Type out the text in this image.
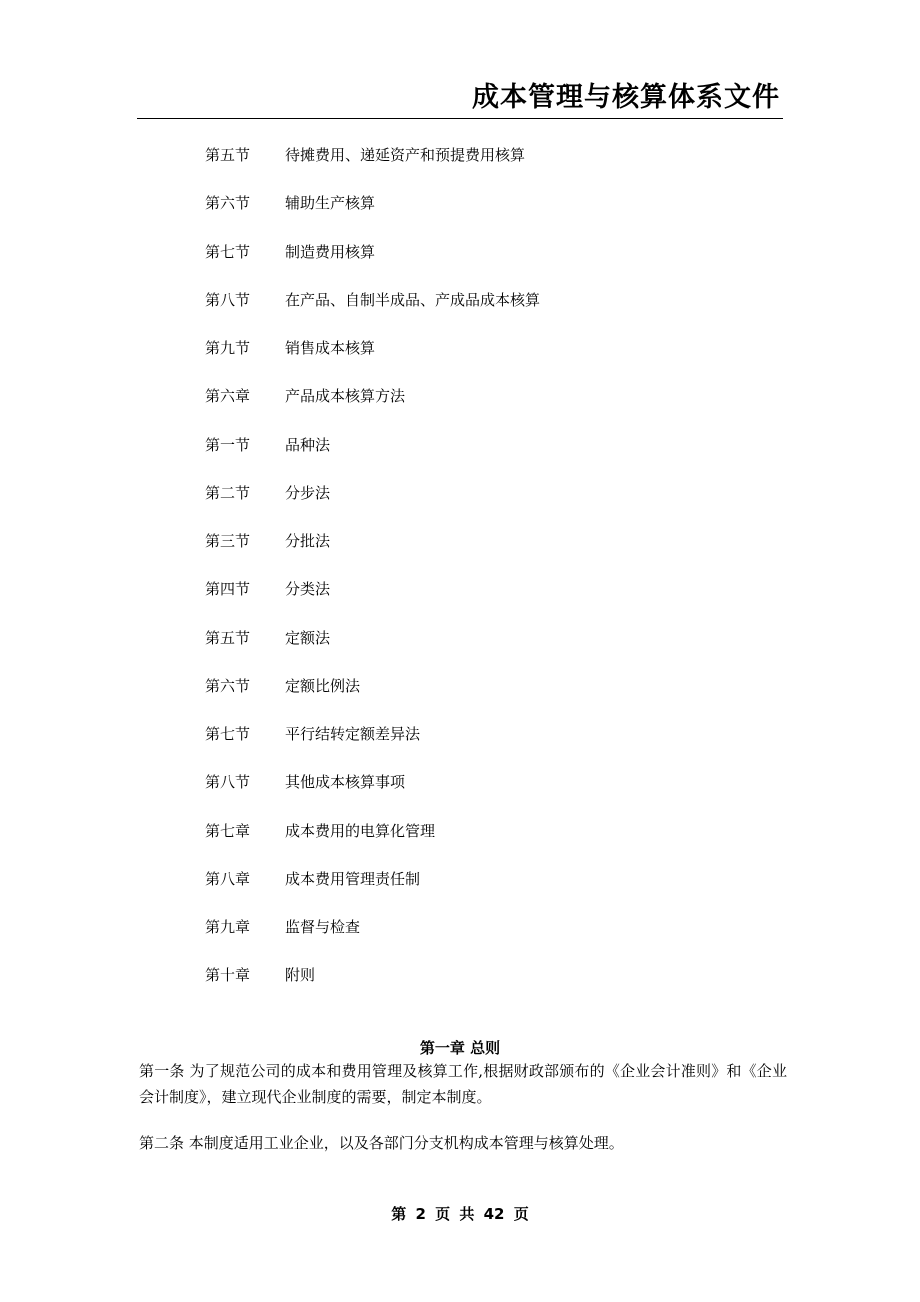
成本管理与核算体系文件
第五节 待摊费用、递延资产和预提费用核算
第六节 辅助生产核算
第七节 制造费用核算
第八节 在产品、自制半成品、产成品成本核算
第九节 销售成本核算
第六章 产品成本核算方法
第一节 品种法
第二节 分步法
第三节 分批法
第四节 分类法
第五节 定额法
第六节 定额比例法
第七节 平行结转定额差异法
第八节 其他成本核算事项
第七章 成本费用的电算化管理
第八章 成本费用管理责任制
第九章 监督与检查
第十章 附则
第一章 总则
第一条 为了规范公司的成本和费用管理及核算工作,根据财政部颁布的《企业会计准则》和《企业会计制度》，建立现代企业制度的需要，制定本制度。
第二条 本制度适用工业企业，以及各部门分支机构成本管理与核算处理。
第 2 页 共 42 页
